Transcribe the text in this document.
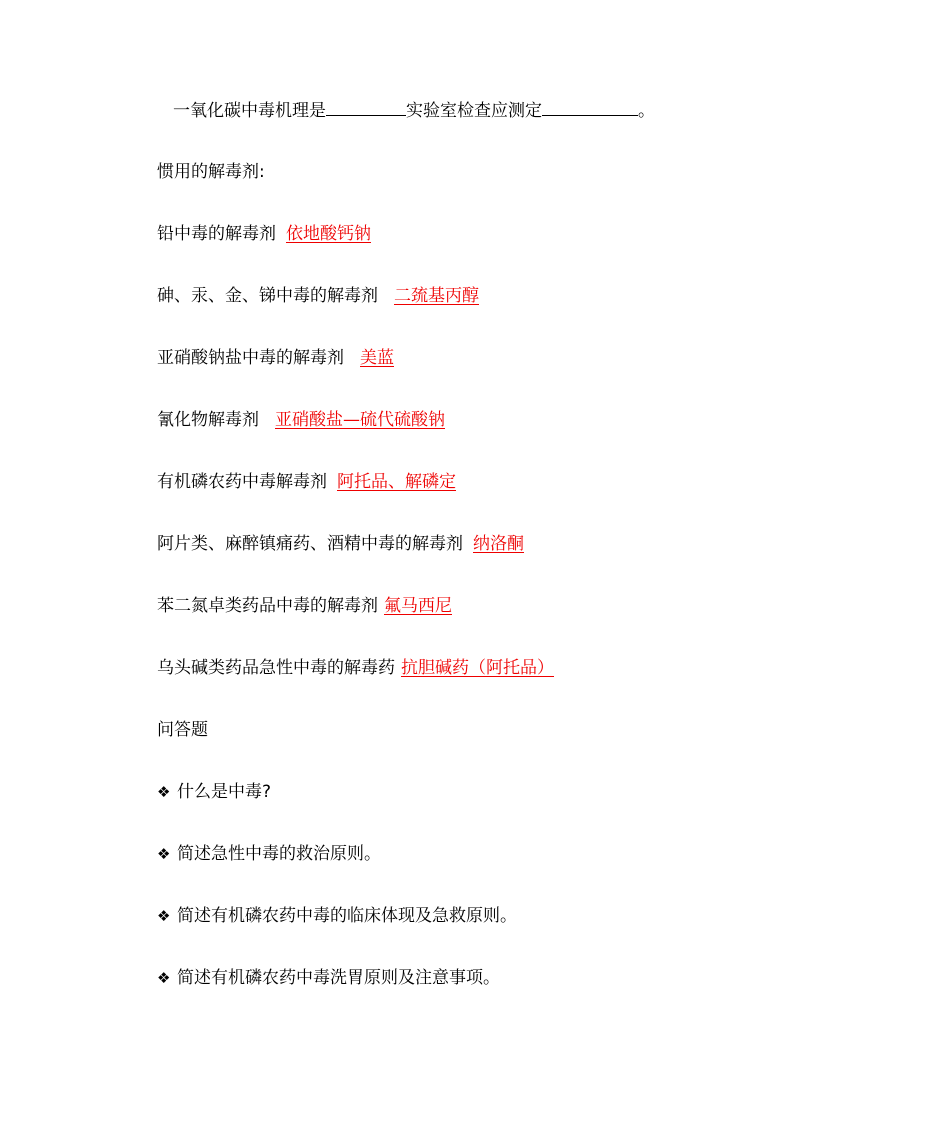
一氧化碳中毒机理是	实验室检查应测定	。
惯用的解毒剂:
铅中毒的解毒剂 依地酸钙钠
砷、汞、金、锑中毒的解毒剂 二巯基丙醇
亚硝酸钠盐中毒的解毒剂 美蓝
氰化物解毒剂 亚硝酸盐—硫代硫酸钠
有机磷农药中毒解毒剂 阿托品、解磷定
阿片类、麻醉镇痛药、酒精中毒的解毒剂 纳洛酮
苯二氮卓类药品中毒的解毒剂 氟马西尼
乌头碱类药品急性中毒的解毒药 抗胆碱药（阿托品）
问答题
❖ 什么是中毒?
❖ 简述急性中毒的救治原则。
❖ 简述有机磷农药中毒的临床体现及急救原则。
❖ 简述有机磷农药中毒洗胃原则及注意事项。
